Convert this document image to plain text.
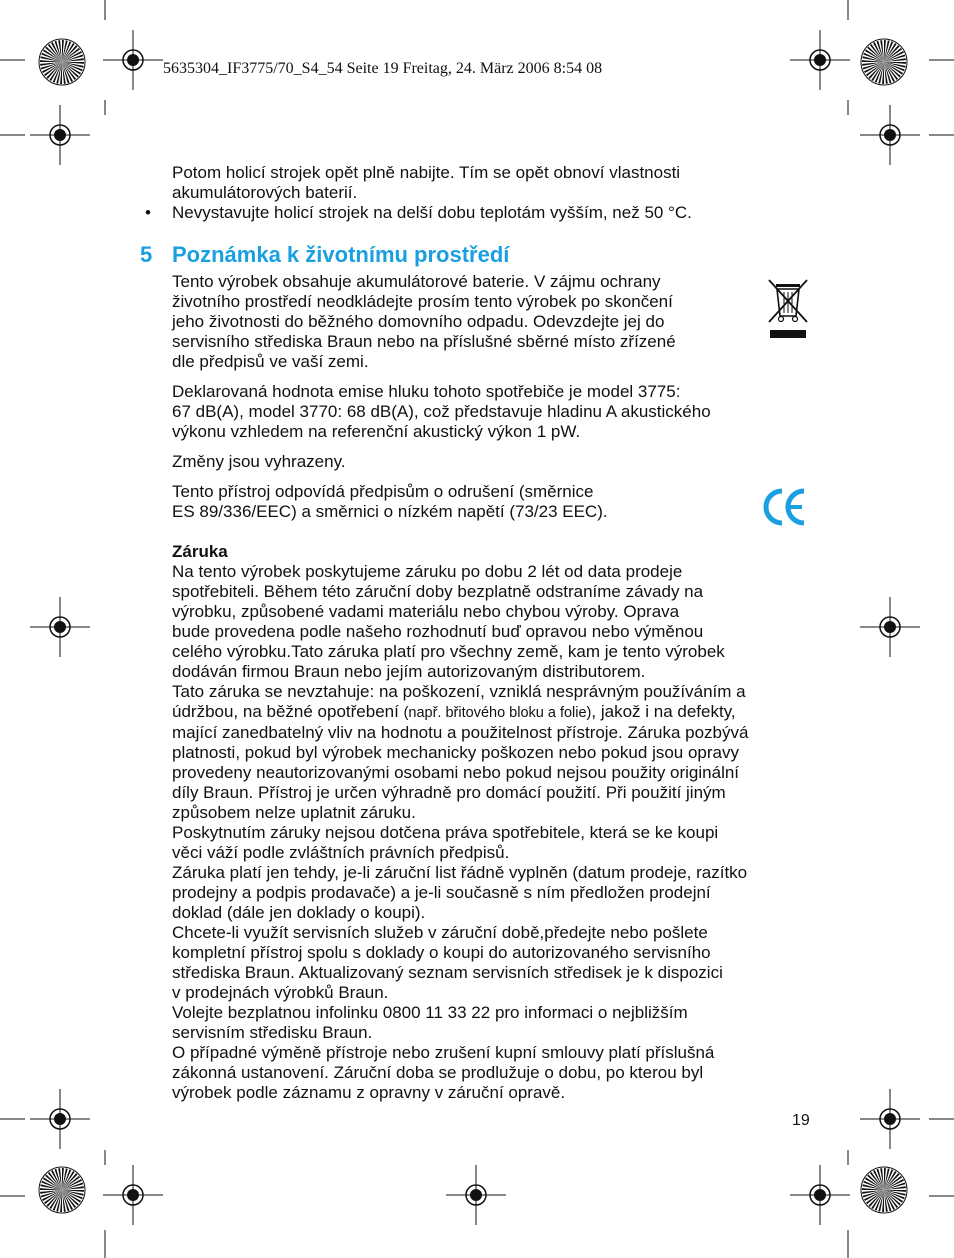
5635304_IF3775/70_S4_54 Seite 19 Freitag, 24. März 2006 8:54 08

Potom holicí strojek opět plně nabijte. Tím se opět obnoví vlastnosti

akumulátorových baterií.

• Nevystavujte holicí strojek na delší dobu teplotám vyšším, než 50 °C.
5 Poznámka k životnímu prostředí

Tento výrobek obsahuje akumulátorové baterie. V zájmu ochrany

životního prostředí neodkládejte prosím tento výrobek po skončení

jeho životnosti do běžného domovního odpadu. Odevzdejte jej do

servisního střediska Braun nebo na příslušné sběrné místo zřízené

dle předpisů ve vaší zemi.

Deklarovaná hodnota emise hluku tohoto spotřebiče je model 3775:

67 dB(A), model 3770: 68 dB(A), což představuje hladinu A akustického

výkonu vzhledem na referenční akustický výkon 1 pW.

Změny jsou vyhrazeny.

Tento přístroj odpovídá předpisům o odrušení (směrnice

ES 89/336/EEC) a směrnici o nízkém napětí (73/23 EEC).

Záruka

Na tento výrobek poskytujeme záruku po dobu 2 lét od data prodeje

spotřebiteli. Během této záruční doby bezplatně odstraníme závady na

výrobku, způsobené vadami materiálu nebo chybou výroby. Oprava

bude provedena podle našeho rozhodnutí buď opravou nebo výměnou

celého výrobku.Tato záruka platí pro všechny země, kam je tento výrobek

dodáván firmou Braun nebo jejím autorizovaným distributorem.

Tato záruka se nevztahuje: na poškození, vzniklá nesprávným používáním a

údržbou, na běžné opotřebení (např. břitového bloku a folie), jakož i na defekty,

mající zanedbatelný vliv na hodnotu a použitelnost přístroje. Záruka pozbývá

platnosti, pokud byl výrobek mechanicky poškozen nebo pokud jsou opravy

provedeny neautorizovanými osobami nebo pokud nejsou použity originální

díly Braun. Přístroj je určen výhradně pro domácí použití. Při použití jiným

způsobem nelze uplatnit záruku.

Poskytnutím záruky nejsou dotčena práva spotřebitele, která se ke koupi

věci váží podle zvláštních právních předpisů.

Záruka platí jen tehdy, je-li záruční list řádně vyplněn (datum prodeje, razítko

prodejny a podpis prodavače) a je-li současně s ním předložen prodejní

doklad (dále jen doklady o koupi).

Chcete-li využít servisních služeb v záruční době,předejte nebo pošlete

kompletní přístroj spolu s doklady o koupi do autorizovaného servisního

střediska Braun. Aktualizovaný seznam servisních středisek je k dispozici

v prodejnách výrobků Braun.

Volejte bezplatnou infolinku 0800 11 33 22 pro informaci o nejbližším

servisním středisku Braun.

O případné výměně přístroje nebo zrušení kupní smlouvy platí příslušná

zákonná ustanovení. Záruční doba se prodlužuje o dobu, po kterou byl

výrobek podle záznamu z opravny v záruční opravě.

19
